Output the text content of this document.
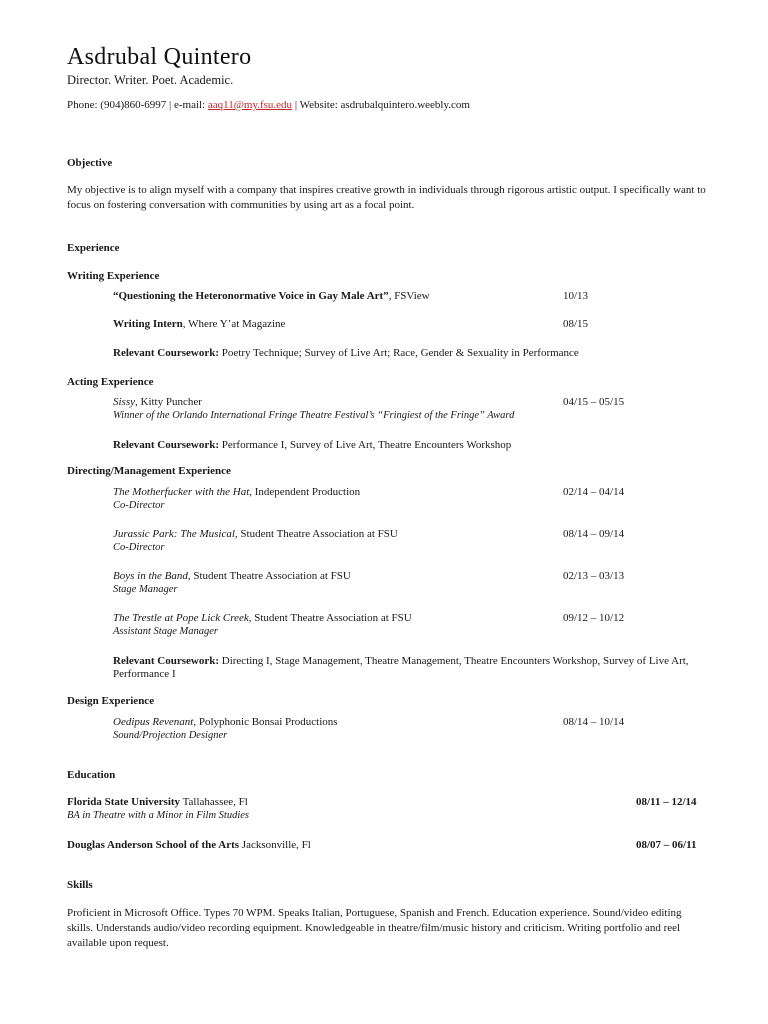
Asdrubal Quintero
Director. Writer. Poet. Academic.
Phone: (904)860-6997 | e-mail: aaq11@my.fsu.edu | Website: asdrubalquintero.weebly.com
Objective
My objective is to align myself with a company that inspires creative growth in individuals through rigorous artistic output. I specifically want to focus on fostering conversation with communities by using art as a focal point.
Experience
Writing Experience
“Questioning the Heteronormative Voice in Gay Male Art”, FSView	10/13
Writing Intern, Where Y’at Magazine	08/15
Relevant Coursework: Poetry Technique; Survey of Live Art; Race, Gender & Sexuality in Performance
Acting Experience
Sissy, Kitty Puncher	04/15 – 05/15
Winner of the Orlando International Fringe Theatre Festival’s “Fringiest of the Fringe” Award
Relevant Coursework: Performance I, Survey of Live Art, Theatre Encounters Workshop
Directing/Management Experience
The Motherfucker with the Hat, Independent Production	02/14 – 04/14
Co-Director
Jurassic Park: The Musical, Student Theatre Association at FSU	08/14 – 09/14
Co-Director
Boys in the Band, Student Theatre Association at FSU	02/13 – 03/13
Stage Manager
The Trestle at Pope Lick Creek, Student Theatre Association at FSU	09/12 – 10/12
Assistant Stage Manager
Relevant Coursework: Directing I, Stage Management, Theatre Management, Theatre Encounters Workshop, Survey of Live Art, Performance I
Design Experience
Oedipus Revenant, Polyphonic Bonsai Productions	08/14 – 10/14
Sound/Projection Designer
Education
Florida State University Tallahassee, Fl	08/11 – 12/14
BA in Theatre with a Minor in Film Studies
Douglas Anderson School of the Arts Jacksonville, Fl	08/07 – 06/11
Skills
Proficient in Microsoft Office. Types 70 WPM. Speaks Italian, Portuguese, Spanish and French. Education experience. Sound/video editing skills. Understands audio/video recording equipment. Knowledgeable in theatre/film/music history and criticism. Writing portfolio and reel available upon request.
